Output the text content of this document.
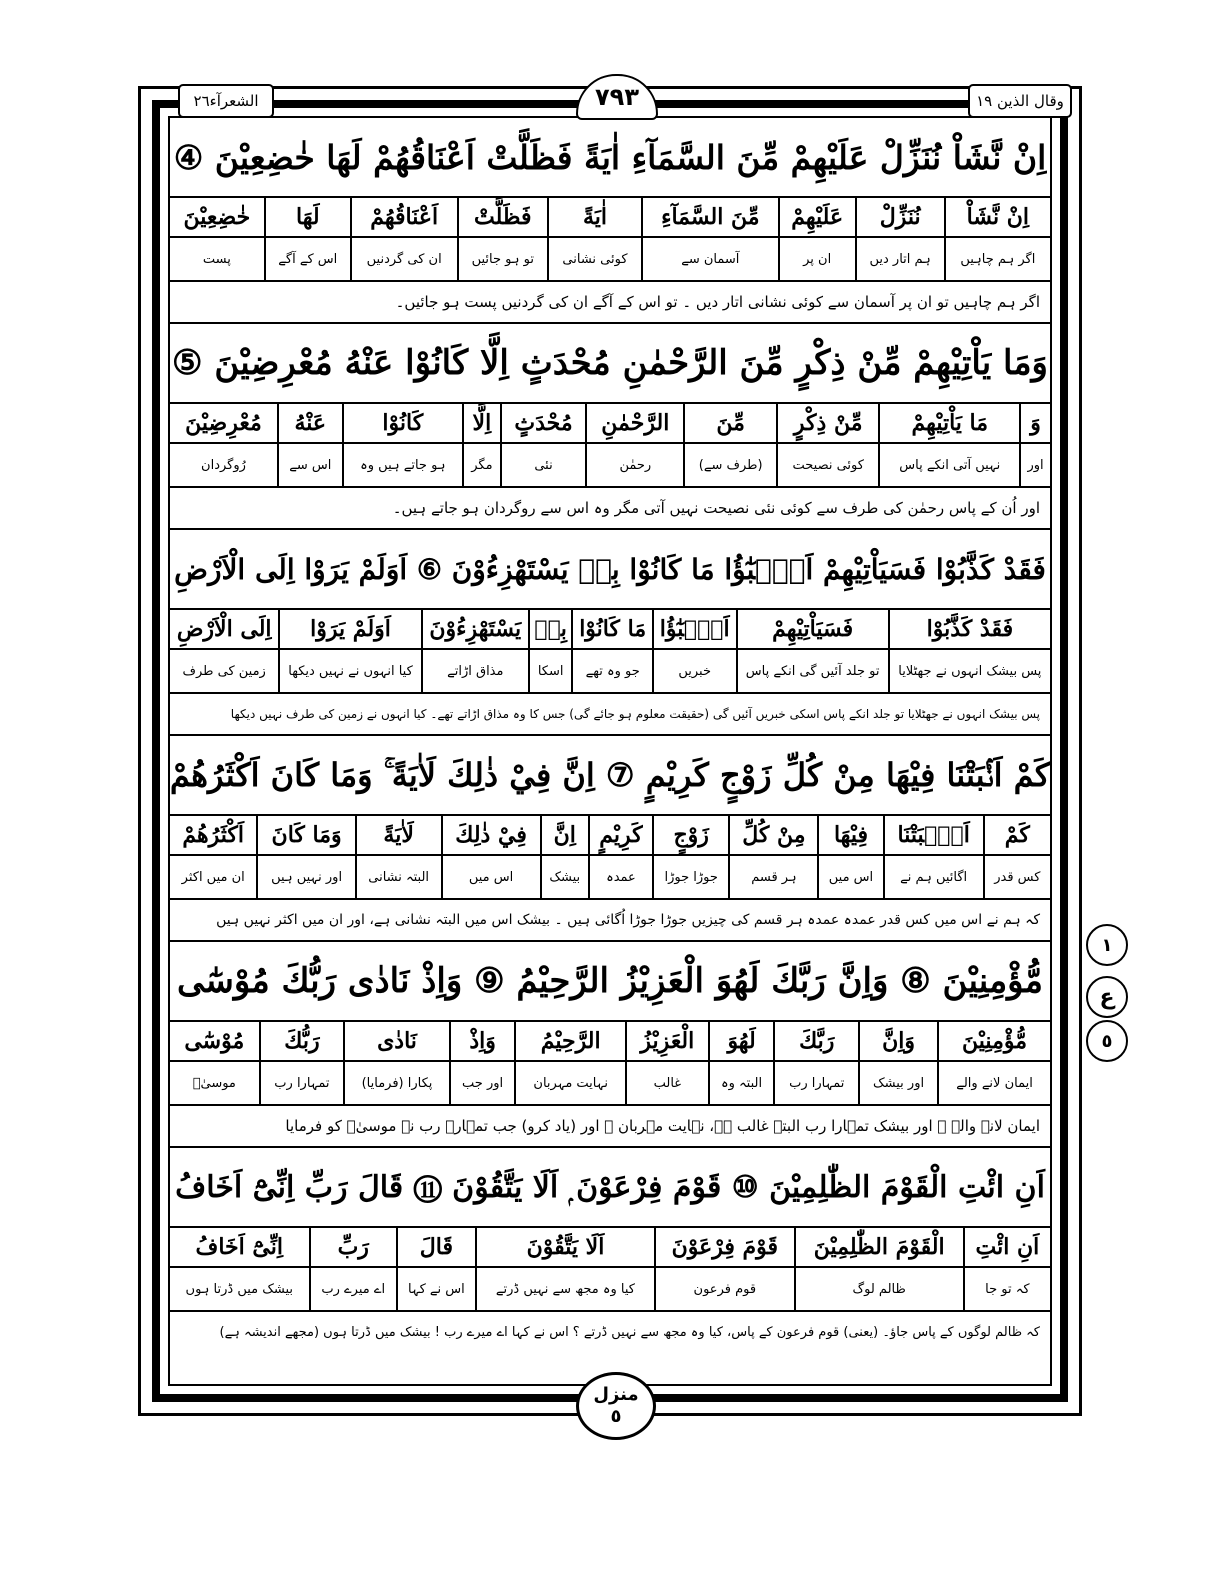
الشعرآء٢٦	٧٩٣	وقال الذین ١٩
اِنْ نَّشَاْ نُنَزِّلْ عَلَيْهِمْ مِّنَ السَّمَآءِ اٰيَةً فَظَلَّتْ اَعْنَاقُهُمْ لَهَا خٰضِعِيْنَ ④
اِنْ نَّشَاْ	نُنَزِّلْ	عَلَيْهِمْ	مِّنَ السَّمَآءِ	اٰيَةً	فَظَلَّتْ	اَعْنَاقُهُمْ	لَهَا	خٰضِعِيْنَ
اگر ہم چاہیں	ہم اتار دیں	ان پر	آسمان سے	کوئی نشانی	تو ہو جائیں	ان کی گردنیں	اس کے آگے	پست
اگر ہم چاہیں تو ان پر آسمان سے کوئی نشانی اتار دیں ۔ تو اس کے آگے ان کی گردنیں پست ہو جائیں۔
وَمَا يَاْتِيْهِمْ مِّنْ ذِكْرٍ مِّنَ الرَّحْمٰنِ مُحْدَثٍ اِلَّا كَانُوْا عَنْهُ مُعْرِضِيْنَ ⑤
وَ	مَا يَاْتِيْهِمْ	مِّنْ ذِكْرٍ	مِّنَ	الرَّحْمٰنِ	مُحْدَثٍ	اِلَّا	كَانُوْا	عَنْهُ	مُعْرِضِيْنَ
اور	نہیں آتی انکے پاس	کوئی نصیحت	(طرف سے)	رحمٰن	نئی	مگر	ہو جاتے ہیں وہ	اس سے	رُوگردان
اور اُن کے پاس رحمٰن کی طرف سے کوئی نئی نصیحت نہیں آتی مگر وہ اس سے روگردان ہو جاتے ہیں۔
فَقَدْ كَذَّبُوْا فَسَيَاْتِيْهِمْ اَنْۢبٰٓؤُا مَا كَانُوْا بِهٖ يَسْتَهْزِءُوْنَ ⑥ اَوَلَمْ يَرَوْا اِلَى الْاَرْضِ
فَقَدْ كَذَّبُوْا	فَسَيَاْتِيْهِمْ	اَنْۢبٰٓؤُا	مَا كَانُوْا	بِهٖ	يَسْتَهْزِءُوْنَ	اَوَلَمْ يَرَوْا	اِلَى الْاَرْضِ
پس بیشک انہوں نے جھٹلایا	تو جلد آئیں گی انکے پاس	خبریں	جو وہ تھے	اسکا	مذاق اڑاتے	کیا انہوں نے نہیں دیکھا	زمین کی طرف
پس بیشک انہوں نے جھٹلایا تو جلد انکے پاس اسکی خبریں آئیں گی (حقیقت معلوم ہو جائے گی) جس کا وہ مذاق اڑاتے تھے۔ کیا انہوں نے زمین کی طرف نہیں دیکھا
كَمْ اَنْۢبَتْنَا فِيْهَا مِنْ كُلِّ زَوْجٍ كَرِيْمٍ ⑦ اِنَّ فِيْ ذٰلِكَ لَاٰيَةً ۚ وَمَا كَانَ اَكْثَرُهُمْ
كَمْ	اَنْۢبَتْنَا	فِيْهَا	مِنْ كُلِّ	زَوْجٍ	كَرِيْمٍ	اِنَّ	فِيْ ذٰلِكَ	لَاٰيَةً	وَمَا كَانَ	اَكْثَرُهُمْ
کس قدر	اگائیں ہم نے	اس میں	ہر قسم	جوڑا جوڑا	عمدہ	بیشک	اس میں	البتہ نشانی	اور نہیں ہیں	ان میں اکثر
کہ ہم نے اس میں کس قدر عمدہ عمدہ ہر قسم کی چیزیں جوڑا جوڑا اُگائی ہیں ۔ بیشک اس میں البتہ نشانی ہے، اور ان میں اکثر نہیں ہیں
مُّؤْمِنِيْنَ ⑧ وَاِنَّ رَبَّكَ لَهُوَ الْعَزِيْزُ الرَّحِيْمُ ⑨ وَاِذْ نَادٰى رَبُّكَ مُوْسٰٓى
مُّؤْمِنِيْنَ	وَاِنَّ	رَبَّكَ	لَهُوَ	الْعَزِيْزُ	الرَّحِيْمُ	وَاِذْ	نَادٰى	رَبُّكَ	مُوْسٰٓى
ایمان لانے والے	اور بیشک	تمہارا رب	البتہ وہ	غالب	نہایت مہربان	اور جب	پکارا (فرمایا)	تمہارا رب	موسیٰؑ
ایمان لانے والے ۔ اور بیشک تمہارا رب البتہ غالب ہے، نہایت مہربان ۔ اور (یاد کرو) جب تمہارے رب نے موسیٰؑ کو فرمایا
اَنِ ائْتِ الْقَوْمَ الظّٰلِمِيْنَ ⑩ قَوْمَ فِرْعَوْنَ ۭ اَلَا يَتَّقُوْنَ ⑪ قَالَ رَبِّ اِنِّىْٓ اَخَافُ
اَنِ ائْتِ	الْقَوْمَ الظّٰلِمِيْنَ	قَوْمَ فِرْعَوْنَ	اَلَا يَتَّقُوْنَ	قَالَ	رَبِّ	اِنِّىْٓ اَخَافُ
کہ تو جا	ظالم لوگ	قوم فرعون	کیا وہ مجھ سے نہیں ڈرتے	اس نے کہا	اے میرے رب	بیشک میں ڈرتا ہوں
کہ ظالم لوگوں کے پاس جاؤ۔ (یعنی) قوم فرعون کے پاس، کیا وہ مجھ سے نہیں ڈرتے ؟ اس نے کہا اے میرے رب ! بیشک میں ڈرتا ہوں (مجھے اندیشہ ہے)
١
ع
٥
منزل
٥
